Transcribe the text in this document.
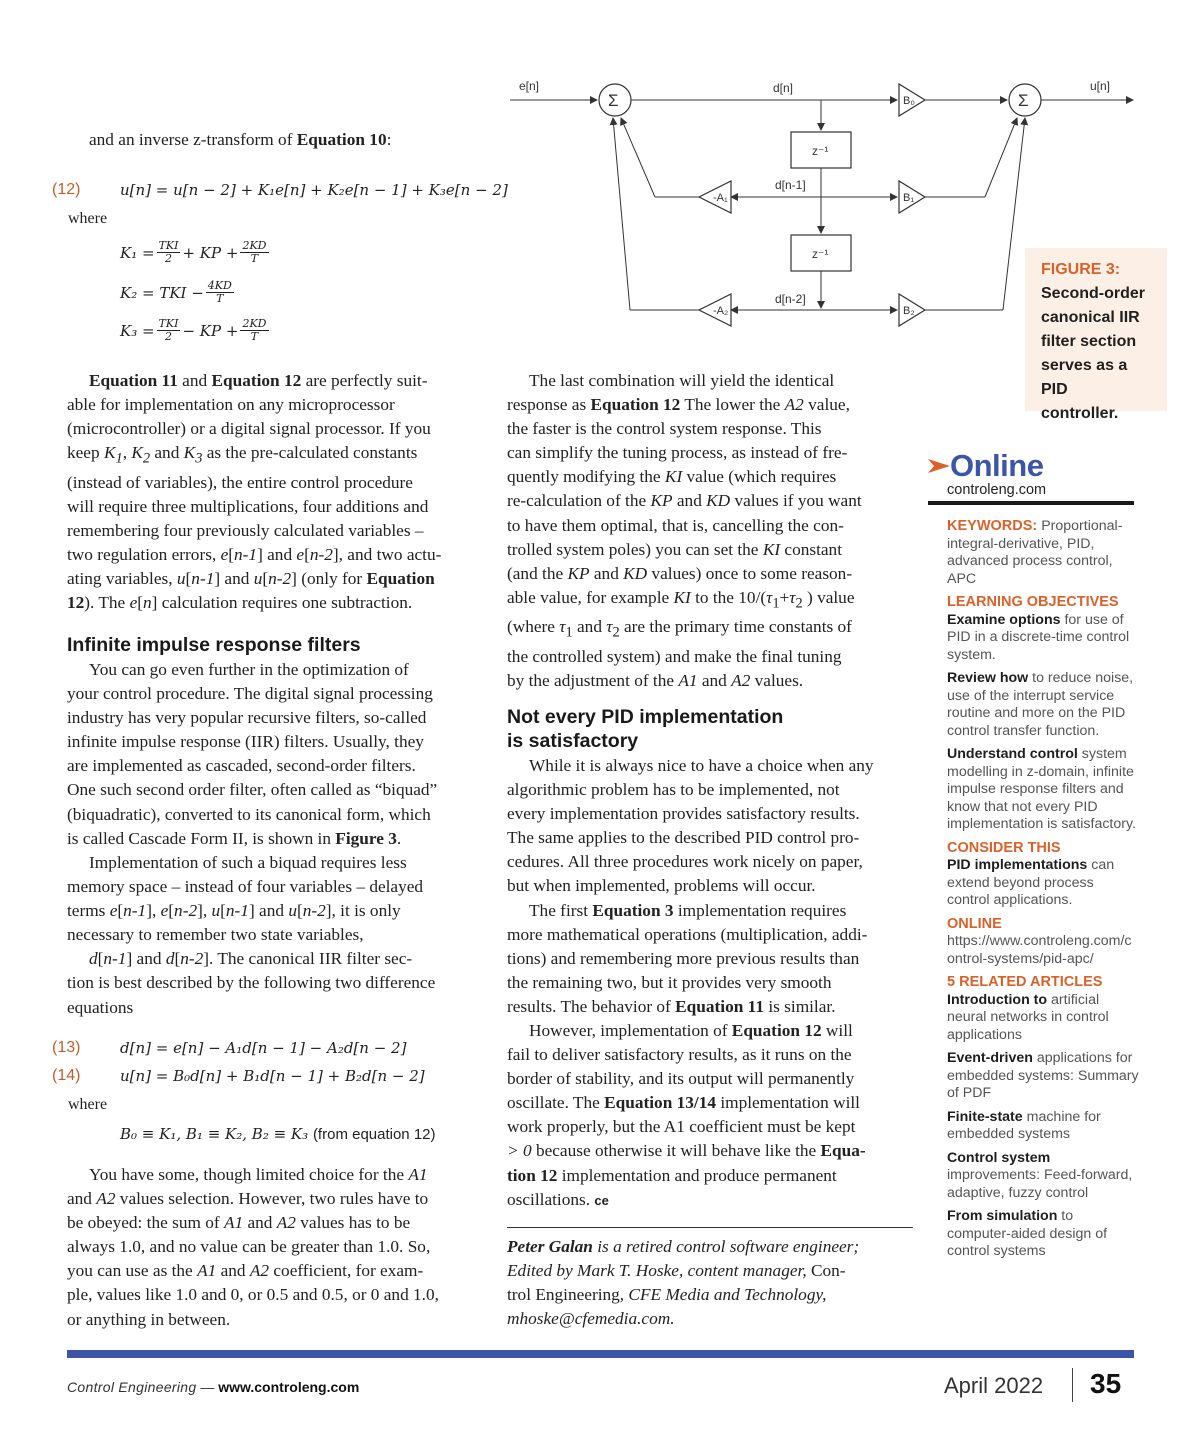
and an inverse z-transform of Equation 10:
(12)	u[n] = u[n − 2] + K₁e[n] + K₂e[n − 1] + K₃e[n − 2]
where
$K_1 = \frac{\text{TKI}}{2}$ + KP + $\frac{2KD}{T}$
K₂ = TKI − $\frac{4KD}{T}$
$K_3 = \frac{\text{TKI}}{2}$ − KP + $\frac{2KD}{T}$
Equation 11 and Equation 12 are perfectly suit-
able for implementation on any microprocessor
(microcontroller) or a digital signal processor. If you
keep $K_1$, $K_2$ and $K_3$ as the pre-calculated constants
(instead of variables), the entire control procedure
will require three multiplications, four additions and
remembering four previously calculated variables –
two regulation errors, e[n-1] and e[n-2], and two actu-
ating variables, u[n-1] and u[n-2] (only for Equation
12). The e[n] calculation requires one subtraction.
Infinite impulse response filters
You can go even further in the optimization of
your control procedure. The digital signal processing
industry has very popular recursive filters, so-called
infinite impulse response (IIR) filters. Usually, they
are implemented as cascaded, second-order filters.
One such second order filter, often called as “biquad”
(biquadratic), converted to its canonical form, which
is called Cascade Form II, is shown in Figure 3.
Implementation of such a biquad requires less
memory space – instead of four variables – delayed
terms e[n-1], e[n-2], u[n-1] and u[n-2], it is only
necessary to remember two state variables,
d[n-1] and d[n-2]. The canonical IIR filter sec-
tion is best described by the following two difference
equations
(13)	d[n] = e[n] − A₁d[n − 1] − A₂d[n − 2]
(14)	u[n] = B₀d[n] + B₁d[n − 1] + B₂d[n − 2]
where
B₀ ≡ K₁, B₁ ≡ K₂, B₂ ≡ K₃ (from equation 12)
You have some, though limited choice for the A1
and A2 values selection. However, two rules have to
be obeyed: the sum of A1 and A2 values has to be
always 1.0, and no value can be greater than 1.0. So,
you can use as the A1 and A2 coefficient, for exam-
ple, values like 1.0 and 0, or 0.5 and 0.5, or 0 and 1.0,
or anything in between.
e[n]	d[n]	u[n]
d[n-1]
d[n-2]
Σ	Σ
z⁻¹
z⁻¹
-A₁
-A₂
B₀
B₁
B₂
FIGURE 3:
Second-order
canonical IIR
filter section
serves as a PID
controller.
The last combination will yield the identical
response as Equation 12 The lower the A2 value,
the faster is the control system response. This
can simplify the tuning process, as instead of fre-
quently modifying the KI value (which requires
re-calculation of the KP and KD values if you want
to have them optimal, that is, cancelling the con-
trolled system poles) you can set the KI constant
(and the KP and KD values) once to some reason-
able value, for example KI to the $10/(\tau_1+\tau_2$ ) value
(where $\tau_1$ and $\tau_2$ are the primary time constants of
the controlled system) and make the final tuning
by the adjustment of the A1 and A2 values.
Not every PID implementation
is satisfactory
While it is always nice to have a choice when any
algorithmic problem has to be implemented, not
every implementation provides satisfactory results.
The same applies to the described PID control pro-
cedures. All three procedures work nicely on paper,
but when implemented, problems will occur.
The first Equation 3 implementation requires
more mathematical operations (multiplication, addi-
tions) and remembering more previous results than
the remaining two, but it provides very smooth
results. The behavior of Equation 11 is similar.
However, implementation of Equation 12 will
fail to deliver satisfactory results, as it runs on the
border of stability, and its output will permanently
oscillate. The Equation 13/14 implementation will
work properly, but the A1 coefficient must be kept
> 0 because otherwise it will behave like the Equa-
tion 12 implementation and produce permanent
oscillations. ce
Peter Galan is a retired control software engineer;
Edited by Mark T. Hoske, content manager, Con-
trol Engineering, CFE Media and Technology,
mhoske@cfemedia.com.
Online
controleng.com
KEYWORDS: Proportional-integral-derivative, PID, advanced process control, APC
LEARNING OBJECTIVES
Examine options for use of PID in a discrete-time control system.
Review how to reduce noise, use of the interrupt service routine and more on the PID control transfer function.
Understand control system modelling in z-domain, infinite impulse response filters and know that not every PID implementation is satisfactory.
CONSIDER THIS
PID implementations can extend beyond process control applications.
ONLINE
https://www.controleng.com/control-systems/pid-apc/
5 RELATED ARTICLES
Introduction to artificial neural networks in control applications
Event-driven applications for embedded systems: Summary of PDF
Finite-state machine for embedded systems
Control system improvements: Feed-forward, adaptive, fuzzy control
From simulation to computer-aided design of control systems
Control Engineering — www.controleng.com	April 2022 35
